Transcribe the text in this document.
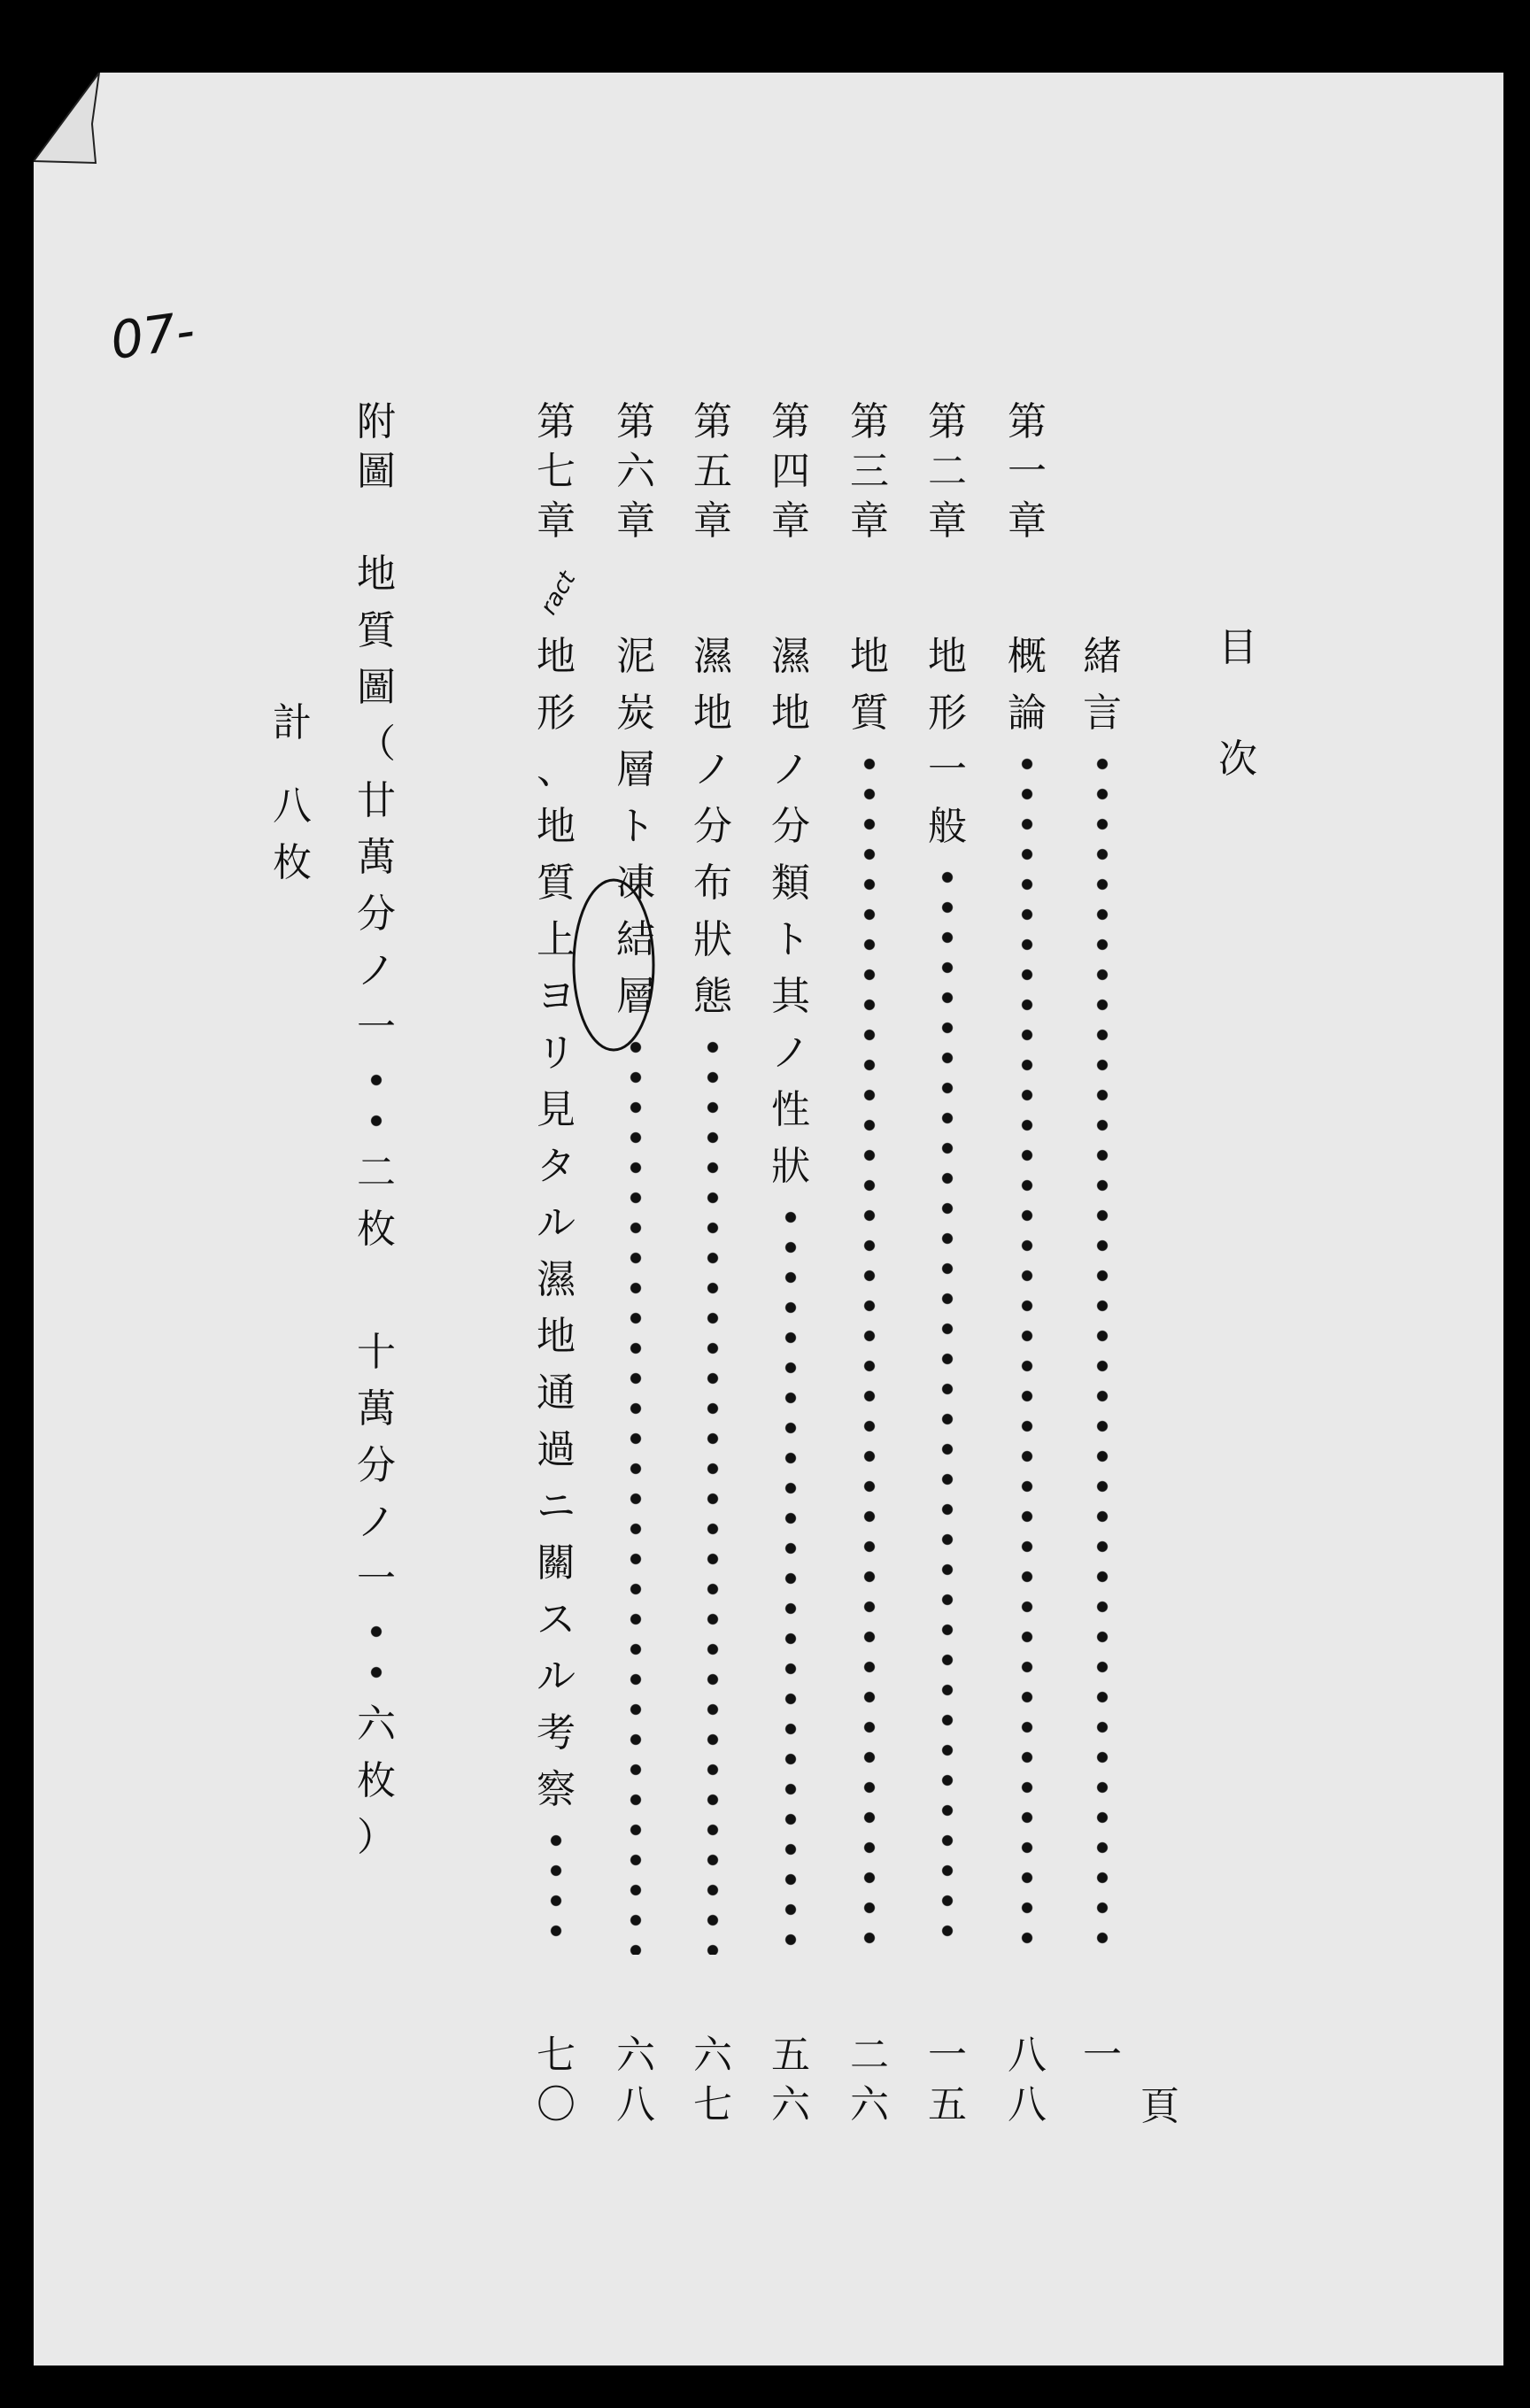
07-
目
次
頁
ract
緒
言
一
第
一
章
概
論
八
八
第
二
章
地
形
一
般
一
五
第
三
章
地
質
二
六
第
四
章
濕
地
ノ
分
類
ト
其
ノ
性
狀
五
六
第
五
章
濕
地
ノ
分
布
狀
態
六
七
第
六
章
泥
炭
層
ト
凍
結
層
六
八
第
七
章
地
形
、
地
質
上
ヨ
リ
見
タ
ル
濕
地
通
過
ニ
關
ス
ル
考
察
七
〇
附
圖
地
質
圖
（
廿
萬
分
ノ
一
二
枚
十
萬
分
ノ
一
六
枚
）
計
八
枚
